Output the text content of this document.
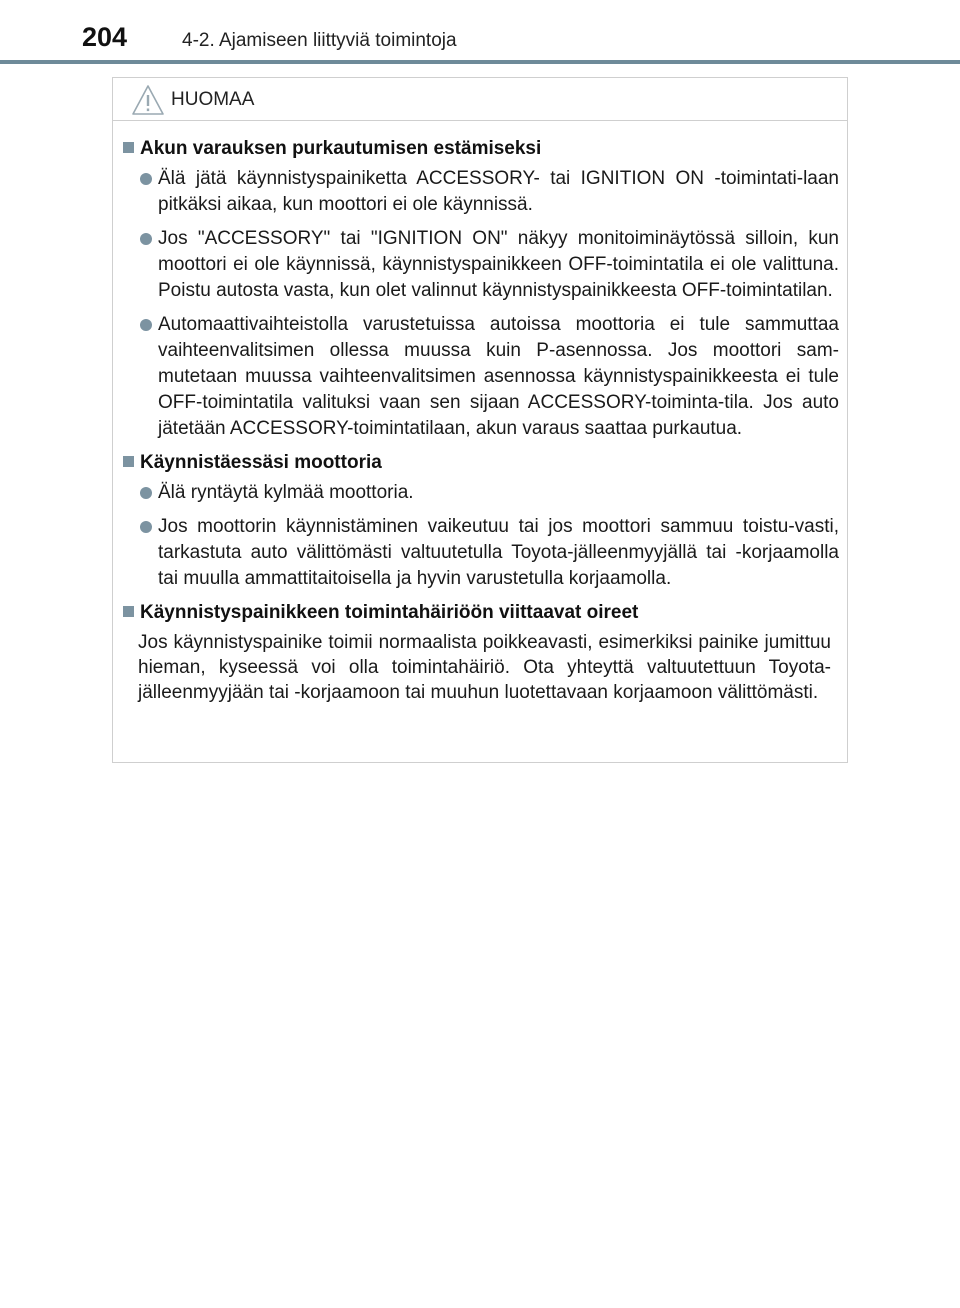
204	4-2. Ajamiseen liittyviä toimintoja
HUOMAA
Akun varauksen purkautumisen estämiseksi
Älä jätä käynnistyspainiketta ACCESSORY- tai IGNITION ON -toimintati-laan pitkäksi aikaa, kun moottori ei ole käynnissä.
Jos "ACCESSORY" tai "IGNITION ON" näkyy monitoiminäytössä silloin, kun moottori ei ole käynnissä, käynnistyspainikkeen OFF-toimintatila ei ole valittuna. Poistu autosta vasta, kun olet valinnut käynnistyspainikkeesta OFF-toimintatilan.
Automaattivaihteistolla varustetuissa autoissa moottoria ei tule sammuttaa vaihteenvalitsimen ollessa muussa kuin P-asennossa. Jos moottori sam-mutetaan muussa vaihteenvalitsimen asennossa käynnistyspainikkeesta ei tule OFF-toimintatila valituksi vaan sen sijaan ACCESSORY-toiminta-tila. Jos auto jätetään ACCESSORY-toimintatilaan, akun varaus saattaa purkautua.
Käynnistäessäsi moottoria
Älä ryntäytä kylmää moottoria.
Jos moottorin käynnistäminen vaikeutuu tai jos moottori sammuu toistu-vasti, tarkastuta auto välittömästi valtuutetulla Toyota-jälleenmyyjällä tai -korjaamolla tai muulla ammattitaitoisella ja hyvin varustetulla korjaamolla.
Käynnistyspainikkeen toimintahäiriöön viittaavat oireet
Jos käynnistyspainike toimii normaalista poikkeavasti, esimerkiksi painike jumittuu hieman, kyseessä voi olla toimintahäiriö. Ota yhteyttä valtuutettuun Toyota-jälleenmyyjään tai -korjaamoon tai muuhun luotettavaan korjaamoon välittömästi.
